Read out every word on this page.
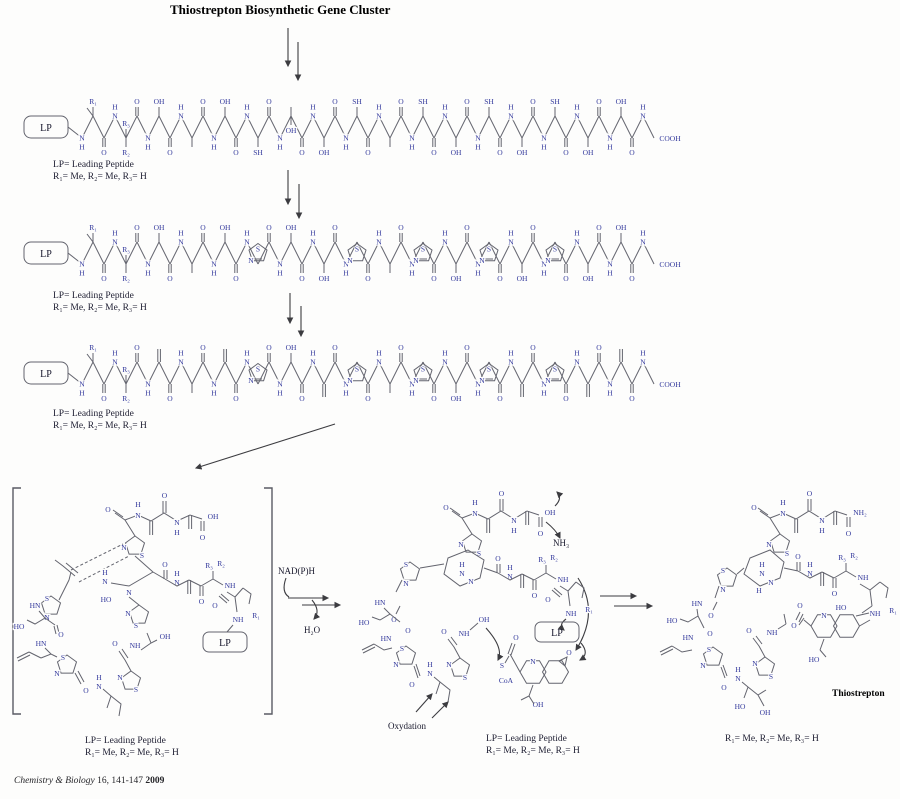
Thiostrepton Biosynthetic Gene Cluster
LP
N
H
R₁
O
N
H
R₃
R₂
O
N
H
OH
O
N
H
O
N
H
OH
O
N
H
SH
O
N
H
OH
O
N
H
OH
O
N
H
SH
O
N
H
O
N
H
SH
O
N
H
OH
O
N
H
SH
O
N
H
OH
O
N
H
SH
O
N
H
OH
O
N
H
OH
O
N
H
COOH
LP= Leading Peptide
R₁= Me, R₂= Me, R₃= H
LP
N
H
R₁
O
N
H
R₃
R₂
O
N
H
OH
O
N
H
O
N
H
OH
O
N
H
S
N
O
N
H
OH
O
N
H
OH
O
N
H
S
N
O
N
H
O
N
H
S
N
O
N
H
OH
O
N
H
S
N
O
N
H
OH
O
N
H
S
N
O
N
H
OH
O
N
H
OH
O
N
H
COOH
LP= Leading Peptide
R₁= Me, R₂= Me, R₃= H
LP
N
H
R₁
O
N
H
R₃
R₂
O
N
H
O
N
H
O
N
H
O
N
H
S
N
O
N
H
OH
O
N
H
O
N
H
S
N
O
N
H
O
N
H
S
N
O
N
H
OH
O
N
H
S
N
O
N
H
O
N
H
S
N
O
N
H
O
N
H
O
N
H
COOH
LP= Leading Peptide
R₁= Me, R₂= Me, R₃= H
O
N
H
O
N
H
OH
O
N
S
H
N
N
HO
N
S
S
N
HN
HO
O
HN
S
N
O
H
N
N
S
O NH
OH
O
H
N
O
R₃ R₂
NH
O
R₁
NH
LP
LP= Leading Peptide
R₁= Me, R₂= Me, R₃= H
NAD(P)H
H₂O
O
N
H
O
N
H
OH
O
NH₃
N
S
H
N
N
S
N
O
HN
HO
O
HN
S
N
O
H
N
N
S
O NH
OH
Oxydation
O
S
CoA
N
O
OH
O
H
N
O
R₃ R₂
NH
O
R₁
NH
LP
LP= Leading Peptide
R₁= Me, R₂= Me, R₃= H
O
N
H
O
N
H
NH₂
O
N
S
H
N
N
H
S
N
O
HN
HO
O
HN
S
N
O
H
N
HO
OH
N
S
O NH
O
O
N
HO
NH
HO
O
H
N
O
R₃ R₂
NH
R₁
Thiostrepton
R₁= Me, R₂= Me, R₃= H
Chemistry & Biology 16, 141-147 2009
